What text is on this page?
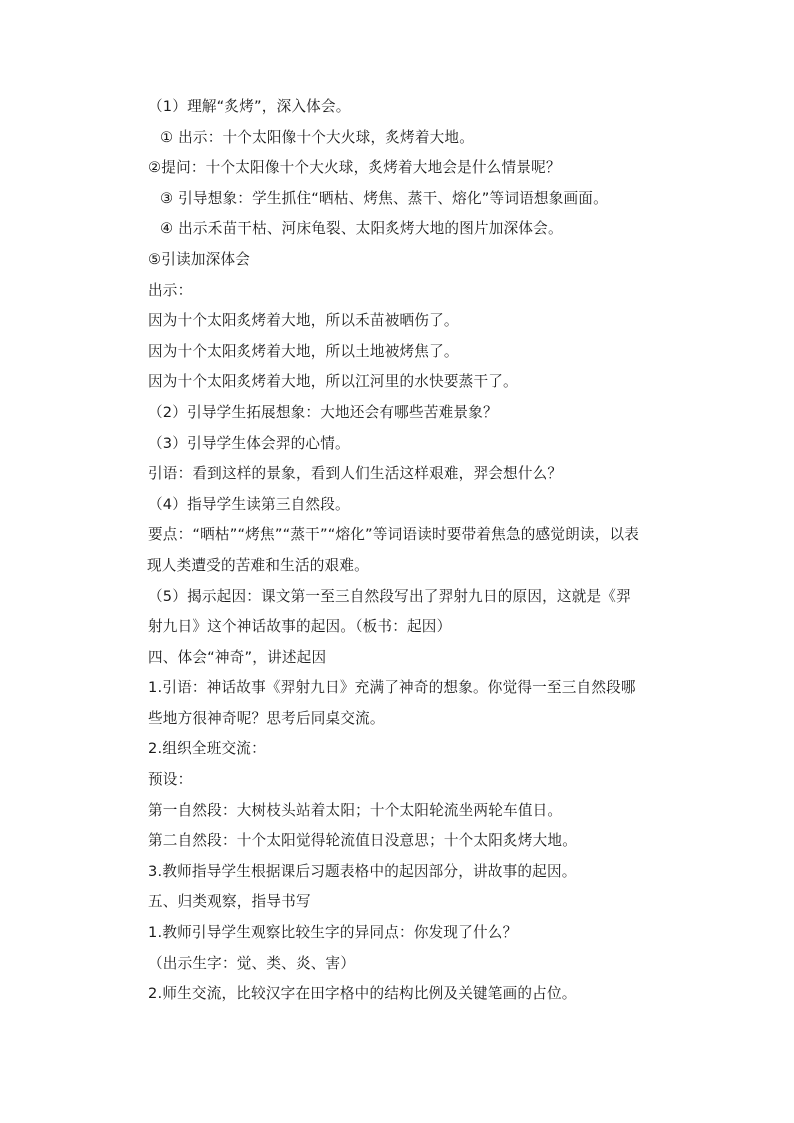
（1）理解“炙烤”，深入体会。
① 出示：十个太阳像十个大火球，炙烤着大地。
②提问：十个太阳像十个大火球，炙烤着大地会是什么情景呢？
③ 引导想象：学生抓住“晒枯、烤焦、蒸干、熔化”等词语想象画面。
④ 出示禾苗干枯、河床龟裂、太阳炙烤大地的图片加深体会。
⑤引读加深体会
出示：
因为十个太阳炙烤着大地，所以禾苗被晒伤了。
因为十个太阳炙烤着大地，所以土地被烤焦了。
因为十个太阳炙烤着大地，所以江河里的水快要蒸干了。
（2）引导学生拓展想象：大地还会有哪些苦难景象？
（3）引导学生体会羿的心情。
引语：看到这样的景象，看到人们生活这样艰难，羿会想什么？
（4）指导学生读第三自然段。
要点：“晒枯”“烤焦”“蒸干”“熔化”等词语读时要带着焦急的感觉朗读，以表
现人类遭受的苦难和生活的艰难。
（5）揭示起因：课文第一至三自然段写出了羿射九日的原因，这就是《羿
射九日》这个神话故事的起因。（板书：起因）
四、体会“神奇”，讲述起因
1.引语：神话故事《羿射九日》充满了神奇的想象。你觉得一至三自然段哪
些地方很神奇呢？思考后同桌交流。
2.组织全班交流：
预设：
第一自然段：大树枝头站着太阳；十个太阳轮流坐两轮车值日。
第二自然段：十个太阳觉得轮流值日没意思；十个太阳炙烤大地。
3.教师指导学生根据课后习题表格中的起因部分，讲故事的起因。
五、归类观察，指导书写
1.教师引导学生观察比较生字的异同点：你发现了什么？
（出示生字：觉、类、炎、害）
2.师生交流，比较汉字在田字格中的结构比例及关键笔画的占位。
